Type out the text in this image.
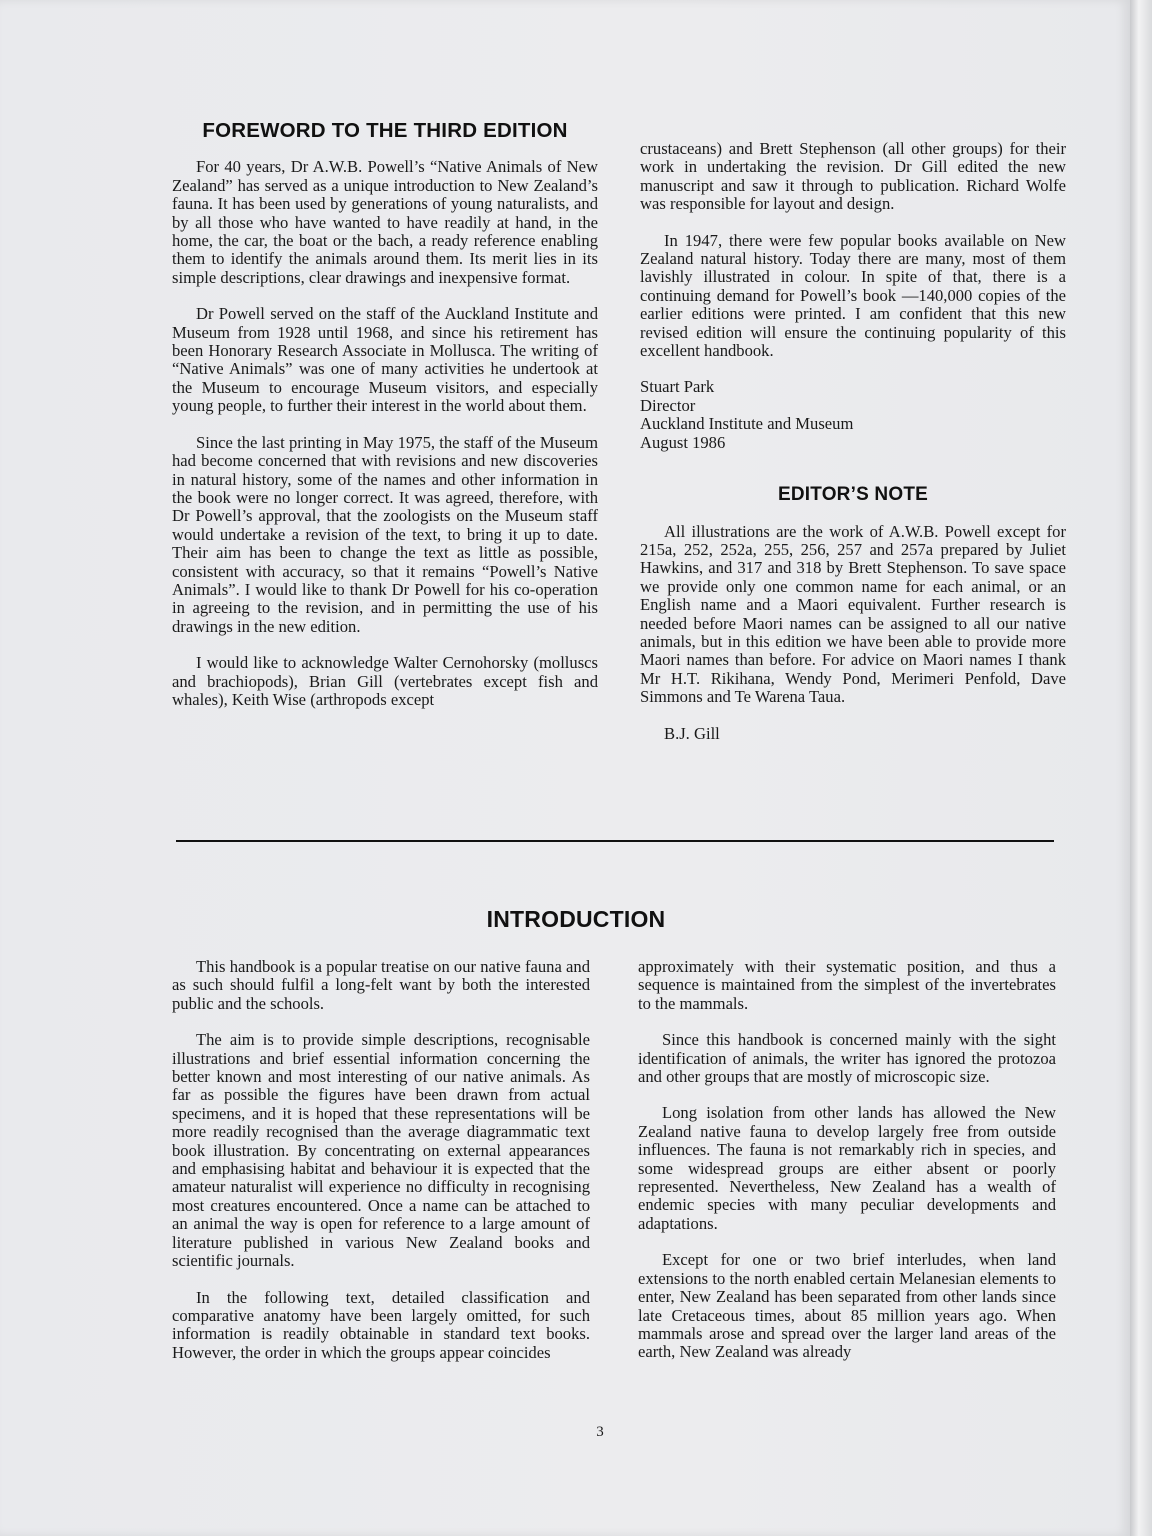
FOREWORD TO THE THIRD EDITION

For 40 years, Dr A.W.B. Powell’s “Native Animals of New Zealand” has served as a unique introduction to New Zealand’s fauna. It has been used by generations of young naturalists, and by all those who have wanted to have readily at hand, in the home, the car, the boat or the bach, a ready reference enabling them to identify the animals around them. Its merit lies in its simple descriptions, clear drawings and inexpensive format.

Dr Powell served on the staff of the Auckland Institute and Museum from 1928 until 1968, and since his retirement has been Honorary Research Associate in Mollusca. The writing of “Native Animals” was one of many activities he undertook at the Museum to encourage Museum visitors, and especially young people, to further their interest in the world about them.

Since the last printing in May 1975, the staff of the Museum had become concerned that with revisions and new discoveries in natural history, some of the names and other information in the book were no longer correct. It was agreed, therefore, with Dr Powell’s approval, that the zoologists on the Museum staff would undertake a revision of the text, to bring it up to date. Their aim has been to change the text as little as possible, consistent with accuracy, so that it remains “Powell’s Native Animals”. I would like to thank Dr Powell for his co-operation in agreeing to the revision, and in permitting the use of his drawings in the new edition.

I would like to acknowledge Walter Cernohorsky (molluscs and brachiopods), Brian Gill (vertebrates except fish and whales), Keith Wise (arthropods except

crustaceans) and Brett Stephenson (all other groups) for their work in undertaking the revision. Dr Gill edited the new manuscript and saw it through to publication. Richard Wolfe was responsible for layout and design.

In 1947, there were few popular books available on New Zealand natural history. Today there are many, most of them lavishly illustrated in colour. In spite of that, there is a continuing demand for Powell’s book —140,000 copies of the earlier editions were printed. I am confident that this new revised edition will ensure the continuing popularity of this excellent handbook.

Stuart Park

Director

Auckland Institute and Museum

August 1986

EDITOR’S NOTE

All illustrations are the work of A.W.B. Powell except for 215a, 252, 252a, 255, 256, 257 and 257a prepared by Juliet Hawkins, and 317 and 318 by Brett Stephenson. To save space we provide only one common name for each animal, or an English name and a Maori equivalent. Further research is needed before Maori names can be assigned to all our native animals, but in this edition we have been able to provide more Maori names than before. For advice on Maori names I thank Mr H.T. Rikihana, Wendy Pond, Merimeri Penfold, Dave Simmons and Te Warena Taua.

B.J. Gill

INTRODUCTION

This handbook is a popular treatise on our native fauna and as such should fulfil a long-felt want by both the interested public and the schools.

The aim is to provide simple descriptions, recognisable illustrations and brief essential information concerning the better known and most interesting of our native animals. As far as possible the figures have been drawn from actual specimens, and it is hoped that these representations will be more readily recognised than the average diagrammatic text book illustration. By concentrating on external appearances and emphasising habitat and behaviour it is expected that the amateur naturalist will experience no difficulty in recognising most creatures encountered. Once a name can be attached to an animal the way is open for reference to a large amount of literature published in various New Zealand books and scientific journals.

In the following text, detailed classification and comparative anatomy have been largely omitted, for such information is readily obtainable in standard text books. However, the order in which the groups appear coincides

approximately with their systematic position, and thus a sequence is maintained from the simplest of the invertebrates to the mammals.

Since this handbook is concerned mainly with the sight identification of animals, the writer has ignored the protozoa and other groups that are mostly of microscopic size.

Long isolation from other lands has allowed the New Zealand native fauna to develop largely free from outside influences. The fauna is not remarkably rich in species, and some widespread groups are either absent or poorly represented. Nevertheless, New Zealand has a wealth of endemic species with many peculiar developments and adaptations.

Except for one or two brief interludes, when land extensions to the north enabled certain Melanesian elements to enter, New Zealand has been separated from other lands since late Cretaceous times, about 85 million years ago. When mammals arose and spread over the larger land areas of the earth, New Zealand was already

3
